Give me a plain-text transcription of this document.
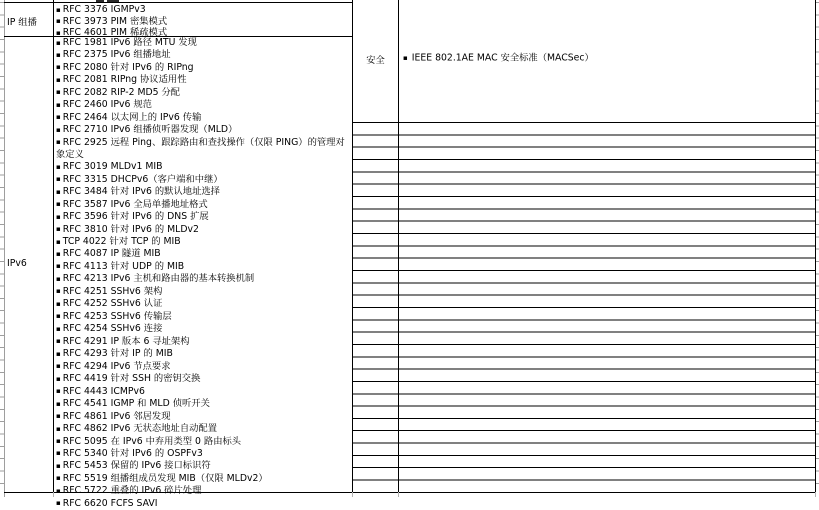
IP 组播
IPv6
安全
▪ RFC 3376 IGMPv3
▪ RFC 3973 PIM 密集模式
▪ RFC 4601 PIM 稀疏模式
▪ RFC 1981 IPv6 路径 MTU 发现
▪ RFC 2375 IPv6 组播地址
▪ RFC 2080 针对 IPv6 的 RIPng
▪ RFC 2081 RIPng 协议适用性
▪ RFC 2082 RIP-2 MD5 分配
▪ RFC 2460 IPv6 规范
▪ RFC 2464 以太网上的 IPv6 传输
▪ RFC 2710 IPv6 组播侦听器发现（MLD）
▪ RFC 2925 远程 Ping、跟踪路由和查找操作（仅限 PING）的管理对象定义
▪ RFC 3019 MLDv1 MIB
▪ RFC 3315 DHCPv6（客户端和中继）
▪ RFC 3484 针对 IPv6 的默认地址选择
▪ RFC 3587 IPv6 全局单播地址格式
▪ RFC 3596 针对 IPv6 的 DNS 扩展
▪ RFC 3810 针对 IPv6 的 MLDv2
▪ TCP 4022 针对 TCP 的 MIB
▪ RFC 4087 IP 隧道 MIB
▪ RFC 4113 针对 UDP 的 MIB
▪ RFC 4213 IPv6 主机和路由器的基本转换机制
▪ RFC 4251 SSHv6 架构
▪ RFC 4252 SSHv6 认证
▪ RFC 4253 SSHv6 传输层
▪ RFC 4254 SSHv6 连接
▪ RFC 4291 IP 版本 6 寻址架构
▪ RFC 4293 针对 IP 的 MIB
▪ RFC 4294 IPv6 节点要求
▪ RFC 4419 针对 SSH 的密钥交换
▪ RFC 4443 ICMPv6
▪ RFC 4541 IGMP 和 MLD 侦听开关
▪ RFC 4861 IPv6 邻居发现
▪ RFC 4862 IPv6 无状态地址自动配置
▪ RFC 5095 在 IPv6 中弃用类型 0 路由标头
▪ RFC 5340 针对 IPv6 的 OSPFv3
▪ RFC 5453 保留的 IPv6 接口标识符
▪ RFC 5519 组播组成员发现 MIB（仅限 MLDv2）
▪ RFC 5722 重叠的 IPv6 碎片处理
▪ RFC 6620 FCFS SAVI
▪ IEEE 802.1AE MAC 安全标准（MACSec）
